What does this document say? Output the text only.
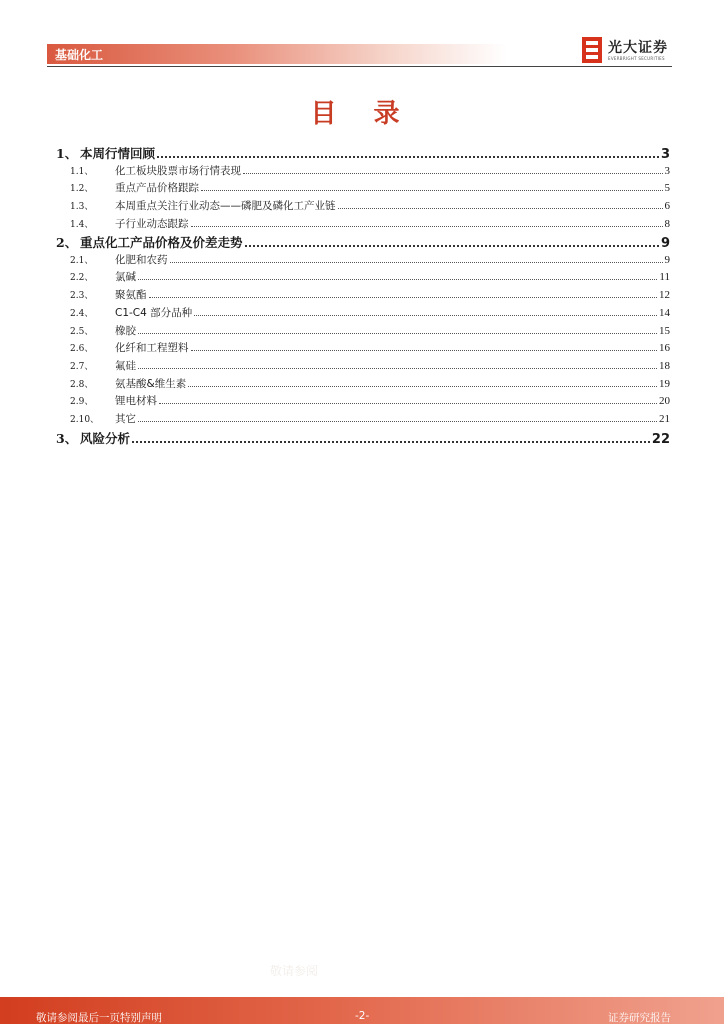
基础化工	光大证券
EVERBRIGHT SECURITIES
目 录
1、 本周行情回顾	3
1.1、	化工板块股票市场行情表现	3
1.2、	重点产品价格跟踪	5
1.3、	本周重点关注行业动态——磷肥及磷化工产业链	6
1.4、	子行业动态跟踪	8
2、 重点化工产品价格及价差走势	9
2.1、	化肥和农药	9
2.2、	氯碱	11
2.3、	聚氨酯	12
2.4、	C1-C4 部分品种	14
2.5、	橡胶	15
2.6、	化纤和工程塑料	16
2.7、	氟硅	18
2.8、	氨基酸&维生素	19
2.9、	锂电材料	20
2.10、	其它	21
3、 风险分析	22
敬请参阅
敬请参阅最后一页特别声明	-2-	证券研究报告
